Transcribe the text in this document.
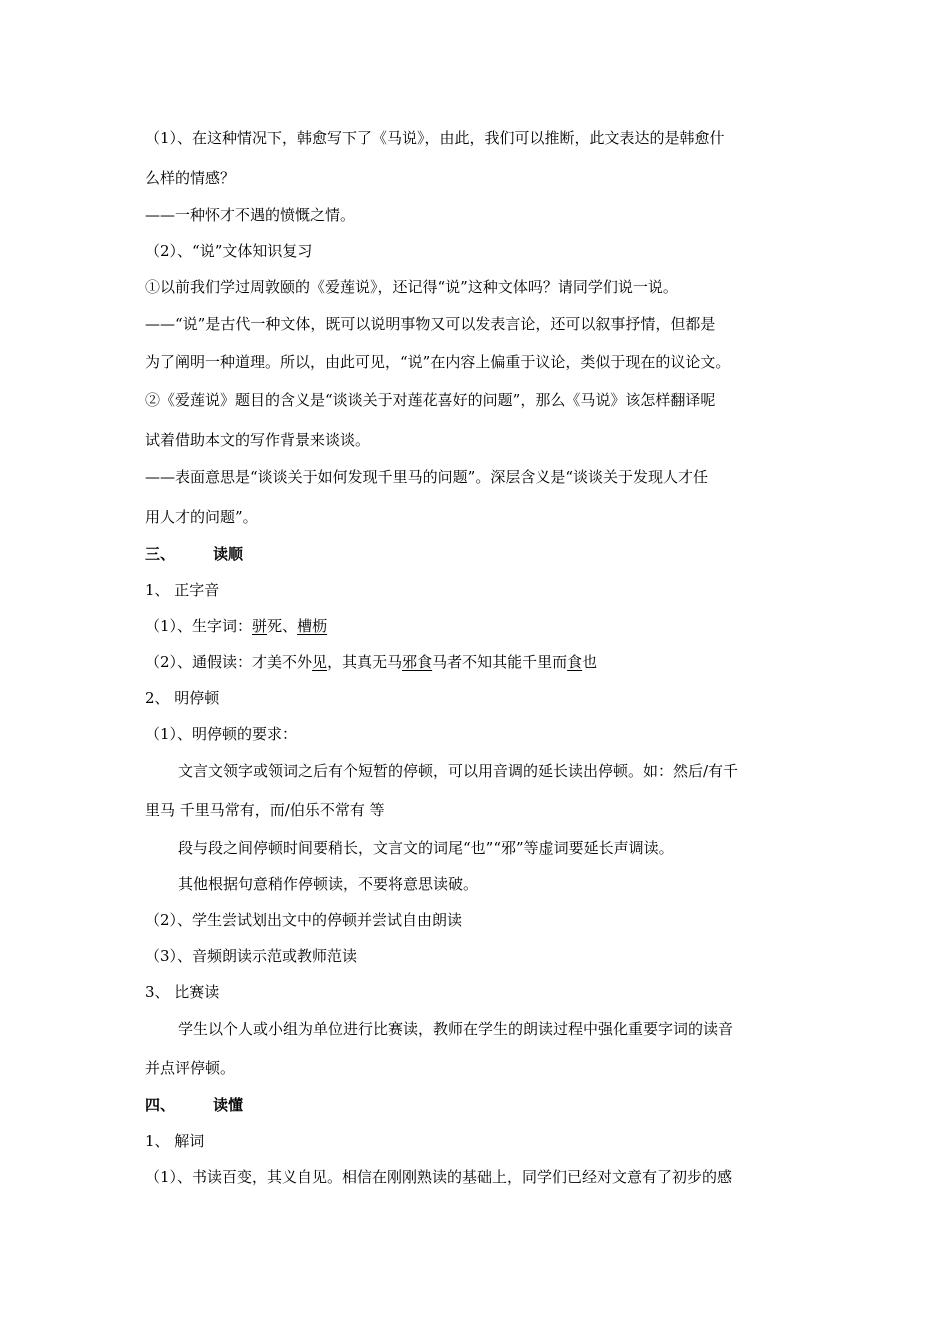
（1）、在这种情况下，韩愈写下了《马说》，由此，我们可以推断，此文表达的是韩愈什
么样的情感？
——一种怀才不遇的愤慨之情。
（2）、“说”文体知识复习
①以前我们学过周敦颐的《爱莲说》，还记得“说”这种文体吗？请同学们说一说。
——“说”是古代一种文体，既可以说明事物又可以发表言论，还可以叙事抒情，但都是
为了阐明一种道理。所以，由此可见，“说”在内容上偏重于议论，类似于现在的议论文。
②《爱莲说》题目的含义是“谈谈关于对莲花喜好的问题”，那么《马说》该怎样翻译呢
试着借助本文的写作背景来谈谈。
——表面意思是“谈谈关于如何发现千里马的问题”。深层含义是“谈谈关于发现人才任
用人才的问题”。
三、	读顺
1、 正字音
（1）、生字词：骈死、槽枥
（2）、通假读：才美不外见，其真无马邪食马者不知其能千里而食也
2、 明停顿
（1）、明停顿的要求：
文言文领字或领词之后有个短暂的停顿，可以用音调的延长读出停顿。如：然后/有千
里马 千里马常有，而/伯乐不常有 等
段与段之间停顿时间要稍长，文言文的词尾“也”“邪”等虚词要延长声调读。
其他根据句意稍作停顿读，不要将意思读破。
（2）、学生尝试划出文中的停顿并尝试自由朗读
（3）、音频朗读示范或教师范读
3、 比赛读
学生以个人或小组为单位进行比赛读，教师在学生的朗读过程中强化重要字词的读音
并点评停顿。
四、	读懂
1、 解词
（1）、书读百变，其义自见。相信在刚刚熟读的基础上，同学们已经对文意有了初步的感
